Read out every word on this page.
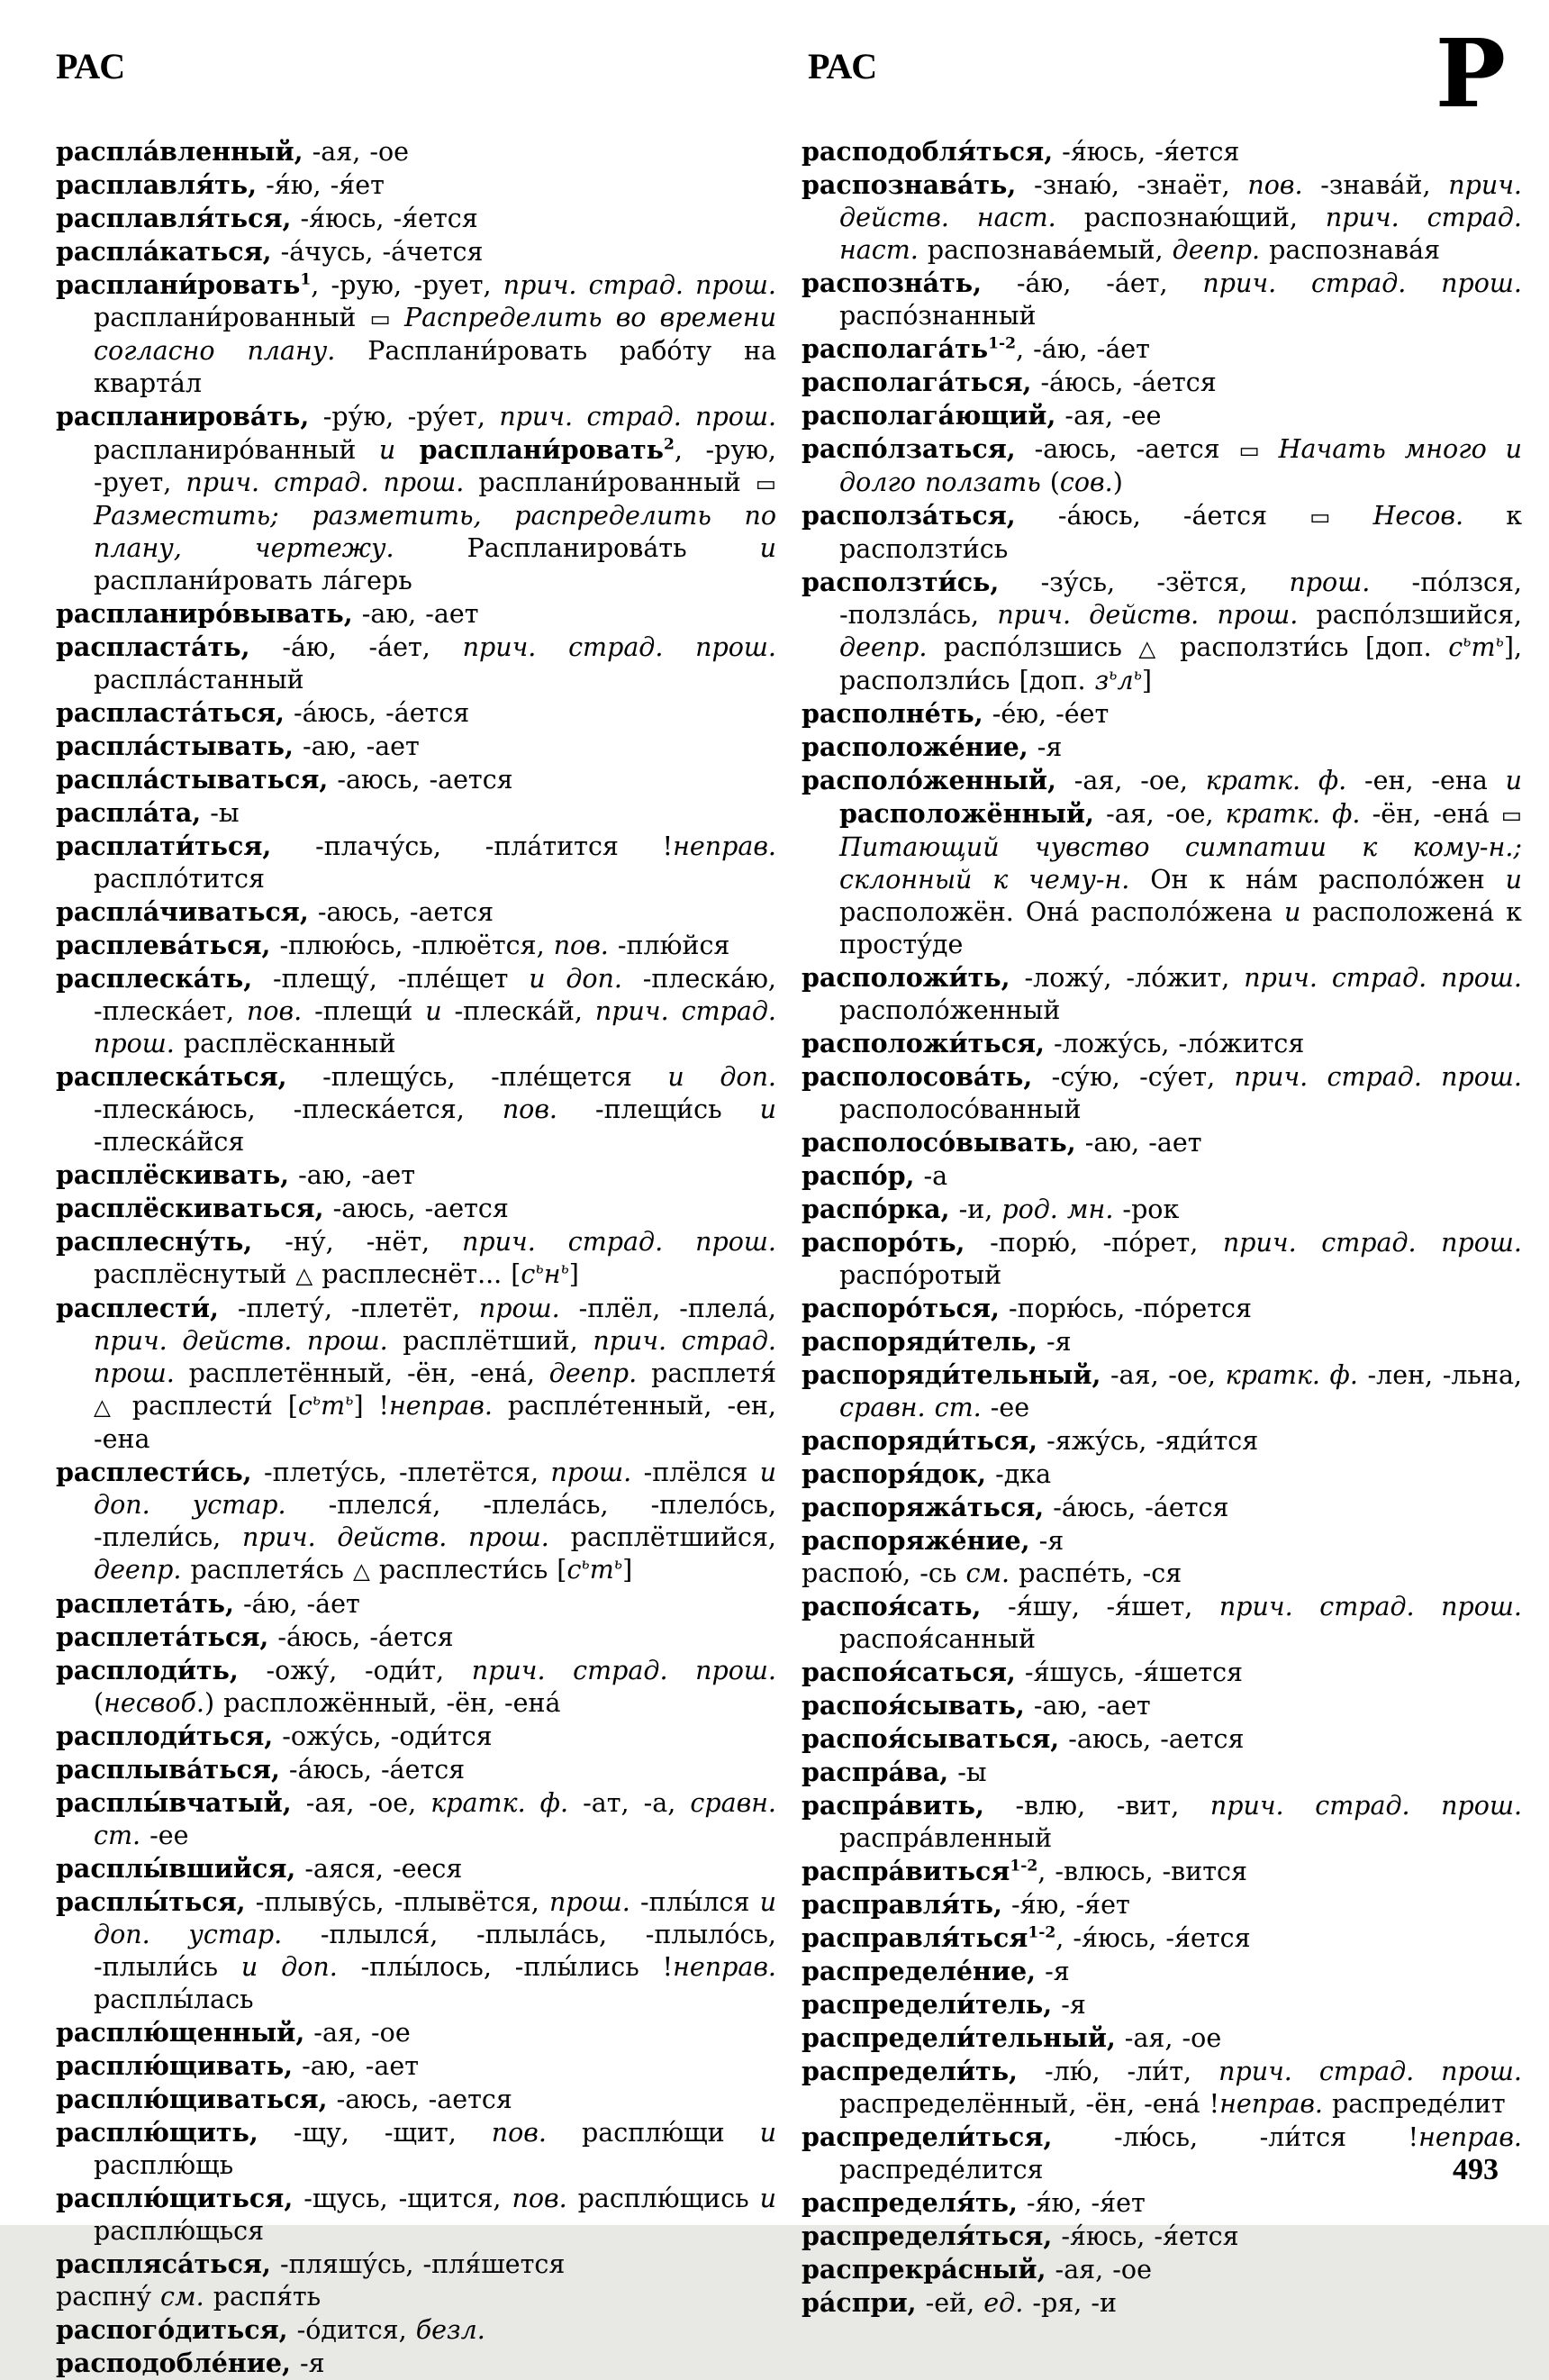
РАС	РАС	Р

распла́вленный, -ая, -ое

расплавля́ть, -я́ю, -я́ет

расплавля́ться, -я́юсь, -я́ется

распла́каться, -а́чусь, -а́чется

расплани́ровать$^1$, -рую, -рует, прич. страд. прош. расплани́рованный ▭ Распределить во времени согласно плану. Расплани́ровать рабо́ту на кварта́л

распланирова́ть, -ру́ю, -ру́ет, прич. страд. прош. распланиро́ванный и расплани́ровать$^2$, -рую, -рует, прич. страд. прош. расплани́рованный ▭ Разместить; разметить, распределить по плану, чертежу. Распланирова́ть и расплани́ровать ла́герь

распланиро́вывать, -аю, -ает

распласта́ть, -а́ю, -а́ет, прич. страд. прош. распла́станный

распласта́ться, -а́юсь, -а́ется

распла́стывать, -аю, -ает

распла́стываться, -аюсь, -ается

распла́та, -ы

расплати́ться, -плачу́сь, -пла́тится !неправ. распло́тится

распла́чиваться, -аюсь, -ается

расплева́ться, -плюю́сь, -плюётся, пов. -плю́йся

расплеска́ть, -плещу́, -пле́щет и доп. -плеска́ю, -плеска́ет, пов. -плещи́ и -плеска́й, прич. страд. прош. расплёсканный

расплеска́ться, -плещу́сь, -пле́щется и доп. -плеска́юсь, -плеска́ется, пов. -плещи́сь и -плеска́йся

расплёскивать, -аю, -ает

расплёскиваться, -аюсь, -ается

расплесну́ть, -ну́, -нёт, прич. страд. прош. расплёснутый △ расплеснёт... $[с^ьн^ь]$

расплести́, -плету́, -плетёт, прош. -плёл, -плела́, прич. действ. прош. расплётший, прич. страд. прош. расплетённый, -ён, -ена́, деепр. расплетя́ △ расплести́ $[с^ьт^ь]$ !неправ. распле́тенный, -ен, -ена

расплести́сь, -плету́сь, -плетётся, прош. -плёлся и доп. устар. -плелся́, -плела́сь, -плело́сь, -плели́сь, прич. действ. прош. расплётшийся, деепр. расплетя́сь △ расплести́сь $[с^ьт^ь]$

расплета́ть, -а́ю, -а́ет

расплета́ться, -а́юсь, -а́ется

расплоди́ть, -ожу́, -оди́т, прич. страд. прош. (несвоб.) распложённый, -ён, -ена́

расплоди́ться, -ожу́сь, -оди́тся

расплыва́ться, -а́юсь, -а́ется

расплы́вчатый, -ая, -ое, кратк. ф. -ат, -а, сравн. ст. -ее

расплы́вшийся, -аяся, -ееся

расплы́ться, -плыву́сь, -плывётся, прош. -плы́лся и доп. устар. -плылся́, -плыла́сь, -плыло́сь, -плыли́сь и доп. -плы́лось, -плы́лись !неправ. расплы́лась

расплю́щенный, -ая, -ое

расплю́щивать, -аю, -ает

расплю́щиваться, -аюсь, -ается

расплю́щить, -щу, -щит, пов. расплю́щи и расплю́щь

расплю́щиться, -щусь, -щится, пов. расплю́щись и расплю́щься

распляса́ться, -пляшу́сь, -пля́шется

распну́ см. распя́ть

распого́диться, -о́дится, безл.

расподобле́ние, -я

расподобля́ться, -я́юсь, -я́ется

распознава́ть, -знаю́, -знаёт, пов. -знава́й, прич. действ. наст. распознаю́щий, прич. страд. наст. распознава́емый, деепр. распознава́я

распозна́ть, -а́ю, -а́ет, прич. страд. прош. распо́знанный

$располага́ть^{1-2}$, -а́ю, -а́ет

располага́ться, -а́юсь, -а́ется

располага́ющий, -ая, -ее

распо́лзаться, -аюсь, -ается ▭ Начать много и долго ползать (сов.)

располза́ться, -а́юсь, -а́ется ▭ Несов. к расползти́сь

расползти́сь, -зу́сь, -зётся, прош. -по́лзся, -ползла́сь, прич. действ. прош. распо́лзшийся, деепр. распо́лзшись △ расползти́сь [доп. $с^ьт^ь$], расползли́сь [доп. $з^ьл^ь$]

располне́ть, -е́ю, -е́ет

расположе́ние, -я

располо́женный, -ая, -ое, кратк. ф. -ен, -ена и расположённый, -ая, -ое, кратк. ф. -ён, -ена́ ▭ Питающий чувство симпатии к кому-н.; склонный к чему-н. Он к на́м располо́жен и расположён. Она́ располо́жена и расположена́ к просту́де

расположи́ть, -ложу́, -ло́жит, прич. страд. прош. располо́женный

расположи́ться, -ложу́сь, -ло́жится

располосова́ть, -су́ю, -су́ет, прич. страд. прош. располосо́ванный

располосо́вывать, -аю, -ает

распо́р, -а

распо́рка, -и, род. мн. -рок

распоро́ть, -порю́, -по́рет, прич. страд. прош. распо́ротый

распоро́ться, -порю́сь, -по́рется

распоряди́тель, -я

распоряди́тельный, -ая, -ое, кратк. ф. -лен, -льна, сравн. ст. -ее

распоряди́ться, -яжу́сь, -яди́тся

распоря́док, -дка

распоряжа́ться, -а́юсь, -а́ется

распоряже́ние, -я

распою́, -сь см. распе́ть, -ся

распоя́сать, -я́шу, -я́шет, прич. страд. прош. распоя́санный

распоя́саться, -я́шусь, -я́шется

распоя́сывать, -аю, -ает

распоя́сываться, -аюсь, -ается

распра́ва, -ы

распра́вить, -влю, -вит, прич. страд. прош. распра́вленный

распра́виться$^{1-2}$, -влюсь, -вится

расправля́ть, -я́ю, -я́ет

расправля́ться$^{1-2}$, -я́юсь, -я́ется

распределе́ние, -я

распредели́тель, -я

распредели́тельный, -ая, -ое

распредели́ть, -лю́, -ли́т, прич. страд. прош. распределённый, -ён, -ена́ !неправ. распреде́лит

распредели́ться, -лю́сь, -ли́тся !неправ. распреде́лится

распределя́ть, -я́ю, -я́ет

распределя́ться, -я́юсь, -я́ется

распрекра́сный, -ая, -ое

ра́спри, -ей, ед. -ря, -и

493
